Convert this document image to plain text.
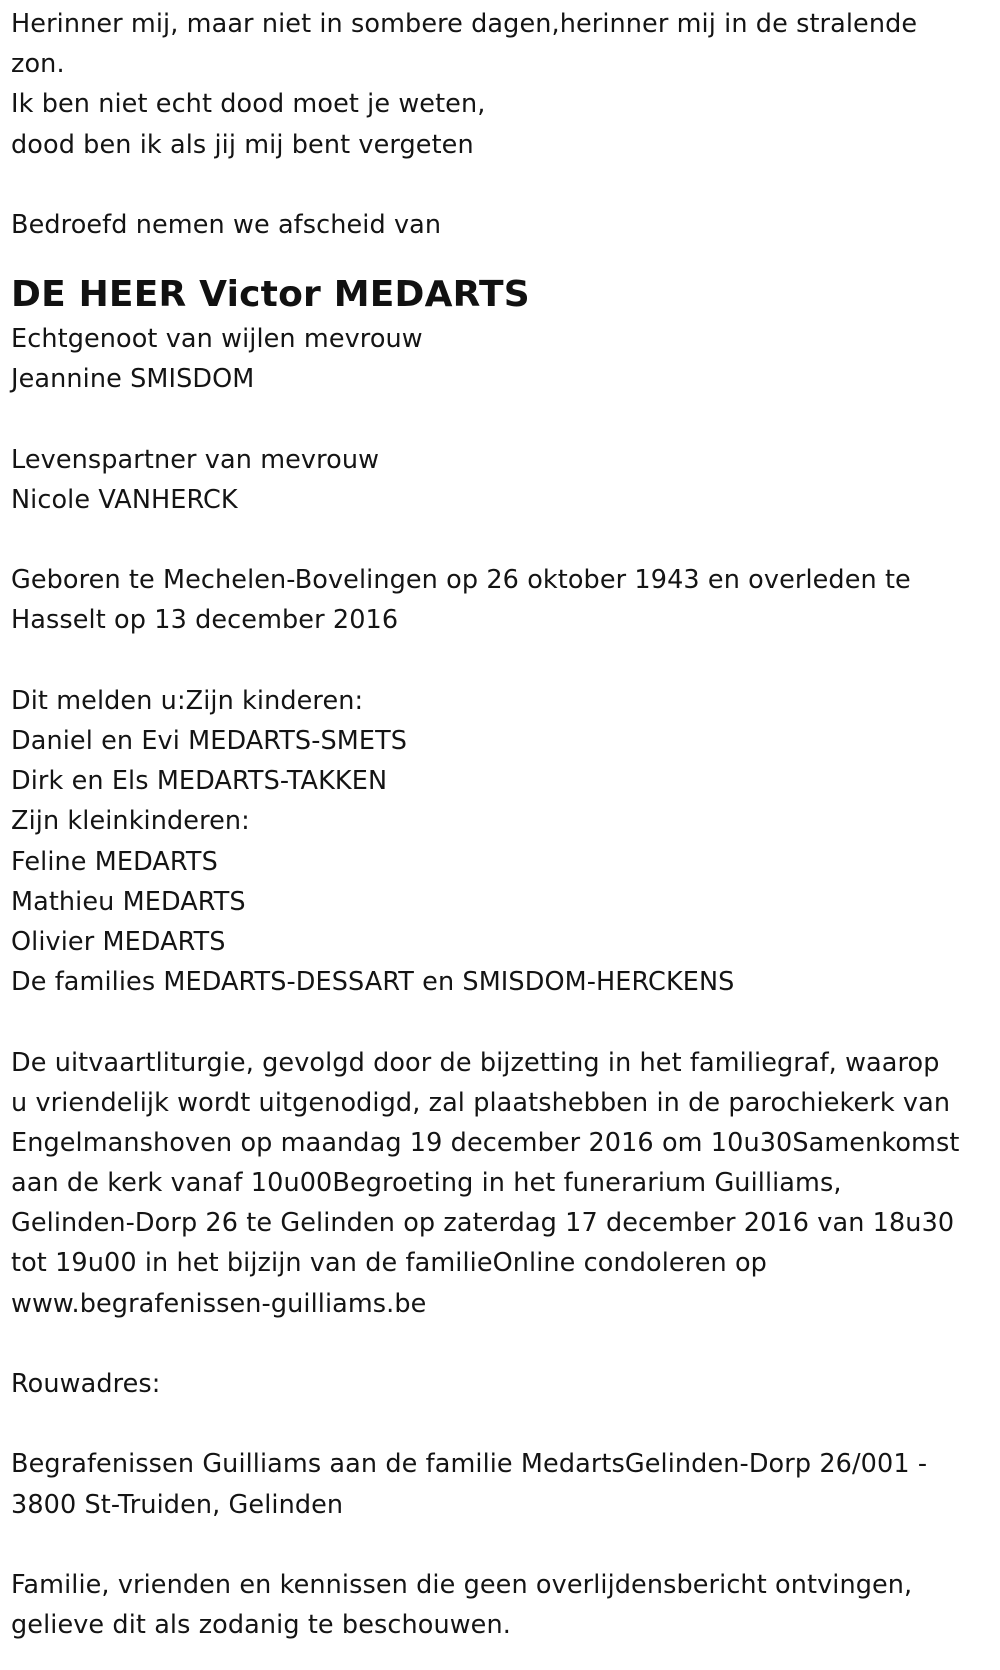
Herinner mij, maar niet in sombere dagen,herinner mij in de stralende
zon.
Ik ben niet echt dood moet je weten,
dood ben ik als jij mij bent vergeten
Bedroefd nemen we afscheid van
DE HEER Victor MEDARTS
Echtgenoot van wijlen mevrouw
Jeannine SMISDOM
Levenspartner van mevrouw
Nicole VANHERCK
Geboren te Mechelen-Bovelingen op 26 oktober 1943 en overleden te
Hasselt op 13 december 2016
Dit melden u:Zijn kinderen:
Daniel en Evi MEDARTS-SMETS
Dirk en Els MEDARTS-TAKKEN
Zijn kleinkinderen:
Feline MEDARTS
Mathieu MEDARTS
Olivier MEDARTS
De families MEDARTS-DESSART en SMISDOM-HERCKENS
De uitvaartliturgie, gevolgd door de bijzetting in het familiegraf, waarop
u vriendelijk wordt uitgenodigd, zal plaatshebben in de parochiekerk van
Engelmanshoven op maandag 19 december 2016 om 10u30Samenkomst
aan de kerk vanaf 10u00Begroeting in het funerarium Guilliams,
Gelinden-Dorp 26 te Gelinden op zaterdag 17 december 2016 van 18u30
tot 19u00 in het bijzijn van de familieOnline condoleren op
www.begrafenissen-guilliams.be
Rouwadres:
Begrafenissen Guilliams aan de familie MedartsGelinden-Dorp 26/001 -
3800 St-Truiden, Gelinden
Familie, vrienden en kennissen die geen overlijdensbericht ontvingen,
gelieve dit als zodanig te beschouwen.
